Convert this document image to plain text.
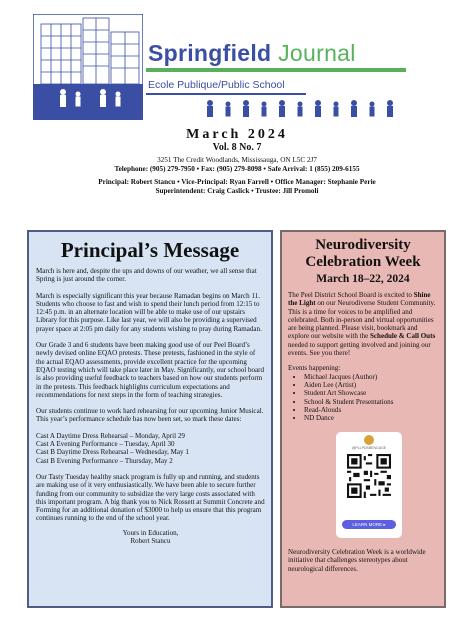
Springfield Journal
Ecole Publique/Public School
March 2024
Vol. 8 No. 7
3251 The Credit Woodlands, Mississauga, ON L5C 2J7
Telephone: (905) 279-7950 • Fax: (905) 279-8098 • Safe Arrival: 1 (855) 209-6155
Principal: Robert Stancu • Vice-Principal: Ryan Farrell • Office Manager: Stephanie Perie
Superintendent: Craig Caslick • Trustee: Jill Promoli
Principal’s Message

March is here and, despite the ups and downs of our weather, we all sense that Spring is just around the corner.

March is especially significant this year because Ramadan begins on March 11. Students who choose to fast and wish to spend their lunch period from 12:15 to 12:45 p.m. in an alternate location will be able to make use of our upstairs Library for this purpose. Like last year, we will also be providing a supervised prayer space at 2:05 pm daily for any students wishing to pray during Ramadan.

Our Grade 3 and 6 students have been making good use of our Peel Board’s newly devised online EQAO pretests. These pretests, fashioned in the style of the actual EQAO assessments, provide excellent practice for the upcoming EQAO testing which will take place later in May. Significantly, our school board is also providing useful feedback to teachers based on how our students perform in the pretests. This feedback highlights curriculum expectations and recommendations for next steps in the form of teaching strategies.

Our students continue to work hard rehearsing for our upcoming Junior Musical. This year’s performance schedule has now been set, so mark these dates:

Cast A Daytime Dress Rehearsal – Monday, April 29
Cast A Evening Performance – Tuesday, April 30
Cast B Daytime Dress Rehearsal – Wednesday, May 1
Cast B Evening Performance – Thursday, May 2

Our Tasty Tuesday healthy snack program is fully up and running, and students are making use of it very enthusiastically. We have been able to secure further funding from our community to subsidize the very large costs associated with this important program. A big thank you to Nick Rossett at Summit Concrete and Forming for an additional donation of $3000 to help us ensure that this program continues running to the end of the school year.

Yours in Education,
Robert Stancu
Neurodiversity Celebration Week
March 18–22, 2024

The Peel District School Board is excited to Shine the Light on our Neurodiverse Student Community. This is a time for voices to be amplified and celebrated. Both in-person and virtual opportunities are being planned. Please visit, bookmark and explore our website with the Schedule & Call Outs needed to support getting involved and joining our events. See you there!

Events happening:
• Michael Jacques (Author)
• Aiden Lee (Artist)
• Student Art Showcase
• School & Student Presentations
• Read-Alouds
• ND Dance
@PLLPDSBENGAGE
LEARN MORE ▸
Neurodiversity Celebration Week is a worldwide initiative that challenges stereotypes about neurological differences.
